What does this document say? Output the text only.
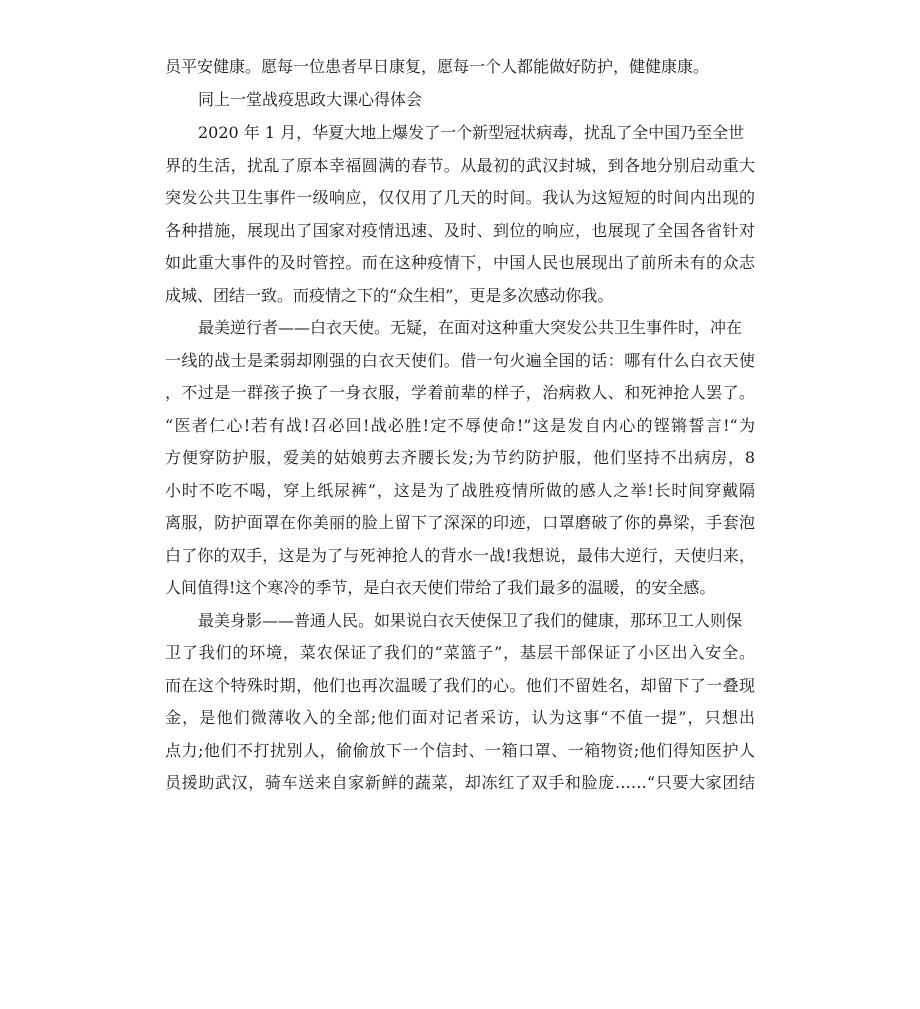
员平安健康。愿每一位患者早日康复，愿每一个人都能做好防护，健健康康。
同上一堂战疫思政大课心得体会
2020 年 1 月，华夏大地上爆发了一个新型冠状病毒，扰乱了全中国乃至全世
界的生活，扰乱了原本幸福圆满的春节。从最初的武汉封城，到各地分别启动重大
突发公共卫生事件一级响应，仅仅用了几天的时间。我认为这短短的时间内出现的
各种措施，展现出了国家对疫情迅速、及时、到位的响应，也展现了全国各省针对
如此重大事件的及时管控。而在这种疫情下，中国人民也展现出了前所未有的众志
成城、团结一致。而疫情之下的“众生相”，更是多次感动你我。
最美逆行者——白衣天使。无疑，在面对这种重大突发公共卫生事件时，冲在
一线的战士是柔弱却刚强的白衣天使们。借一句火遍全国的话：哪有什么白衣天使
，不过是一群孩子换了一身衣服，学着前辈的样子，治病救人、和死神抢人罢了。
“医者仁心!若有战!召必回!战必胜!定不辱使命!”这是发自内心的铿锵誓言!“为
方便穿防护服，爱美的姑娘剪去齐腰长发;为节约防护服，他们坚持不出病房，8
小时不吃不喝，穿上纸尿裤”，这是为了战胜疫情所做的感人之举!长时间穿戴隔
离服，防护面罩在你美丽的脸上留下了深深的印迹，口罩磨破了你的鼻梁，手套泡
白了你的双手，这是为了与死神抢人的背水一战!我想说，最伟大逆行，天使归来，
人间值得!这个寒冷的季节，是白衣天使们带给了我们最多的温暖，的安全感。
最美身影——普通人民。如果说白衣天使保卫了我们的健康，那环卫工人则保
卫了我们的环境，菜农保证了我们的“菜篮子”，基层干部保证了小区出入安全。
而在这个特殊时期，他们也再次温暖了我们的心。他们不留姓名，却留下了一叠现
金，是他们微薄收入的全部;他们面对记者采访，认为这事“不值一提”，只想出
点力;他们不打扰别人，偷偷放下一个信封、一箱口罩、一箱物资;他们得知医护人
员援助武汉，骑车送来自家新鲜的蔬菜，却冻红了双手和脸庞……“只要大家团结
